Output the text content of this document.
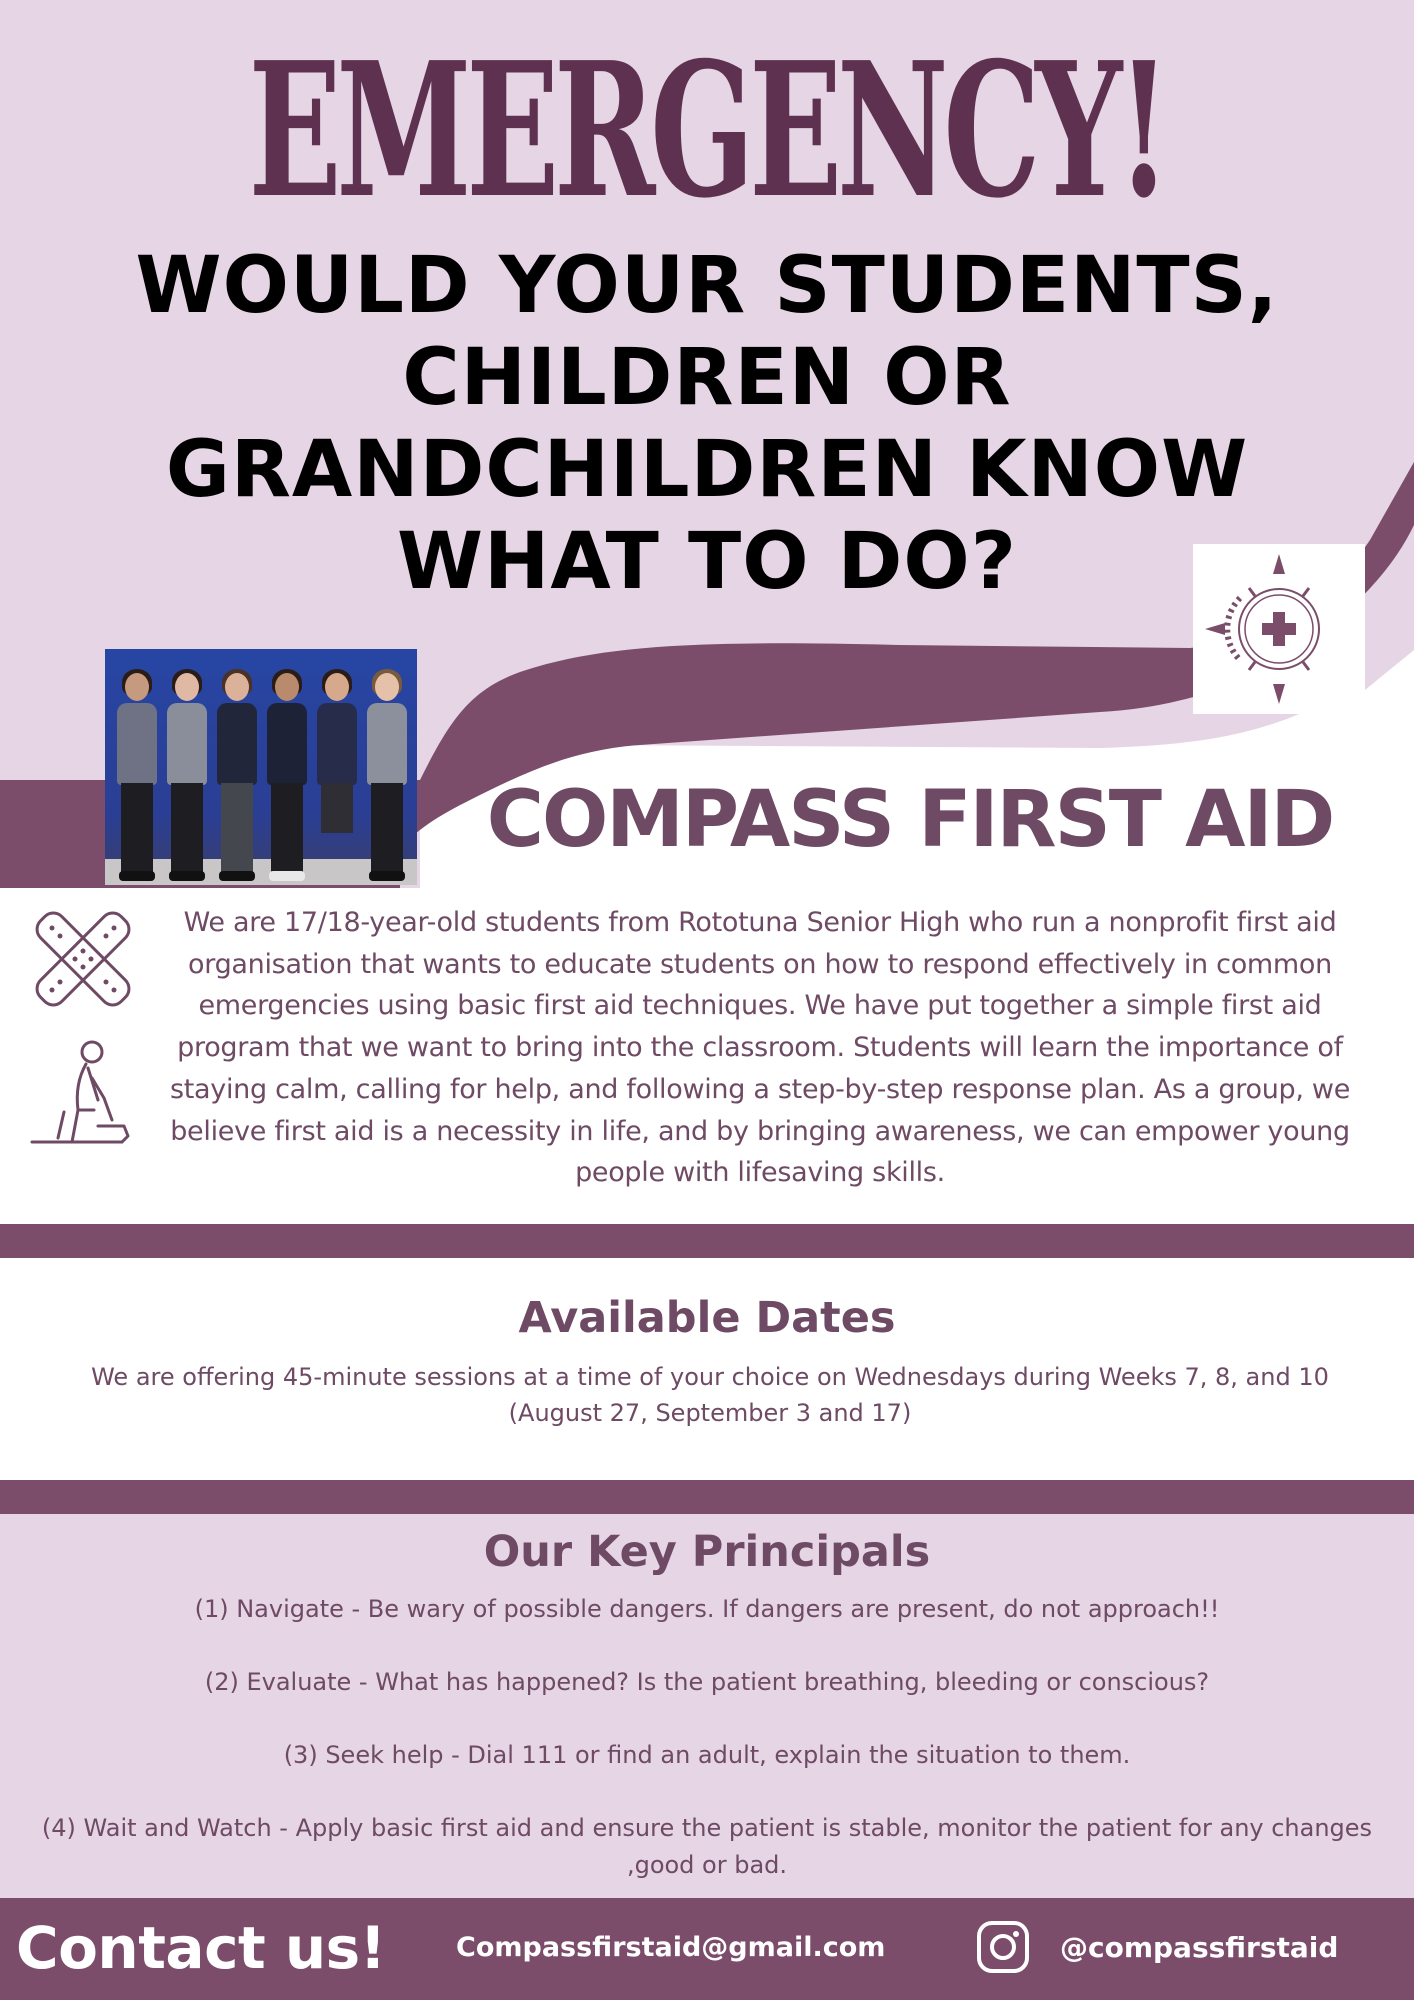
EMERGENCY!
WOULD YOUR STUDENTS, CHILDREN OR GRANDCHILDREN KNOW WHAT TO DO?
COMPASS FIRST AID
We are 17/18-year-old students from Rototuna Senior High who run a nonprofit first aid organisation that wants to educate students on how to respond effectively in common emergencies using basic first aid techniques. We have put together a simple first aid program that we want to bring into the classroom. Students will learn the importance of staying calm, calling for help, and following a step-by-step response plan. As a group, we believe first aid is a necessity in life, and by bringing awareness, we can empower young people with lifesaving skills.
Available Dates
We are offering 45-minute sessions at a time of your choice on Wednesdays during Weeks 7, 8, and 10 (August 27, September 3 and 17)
Our Key Principals
(1) Navigate - Be wary of possible dangers. If dangers are present, do not approach!!
(2) Evaluate - What has happened? Is the patient breathing, bleeding or conscious?
(3) Seek help - Dial 111 or find an adult, explain the situation to them.
(4) Wait and Watch - Apply basic first aid and ensure the patient is stable, monitor the patient for any changes ,good or bad.
Contact us!	Compassfirstaid@gmail.com	@compassfirstaid
